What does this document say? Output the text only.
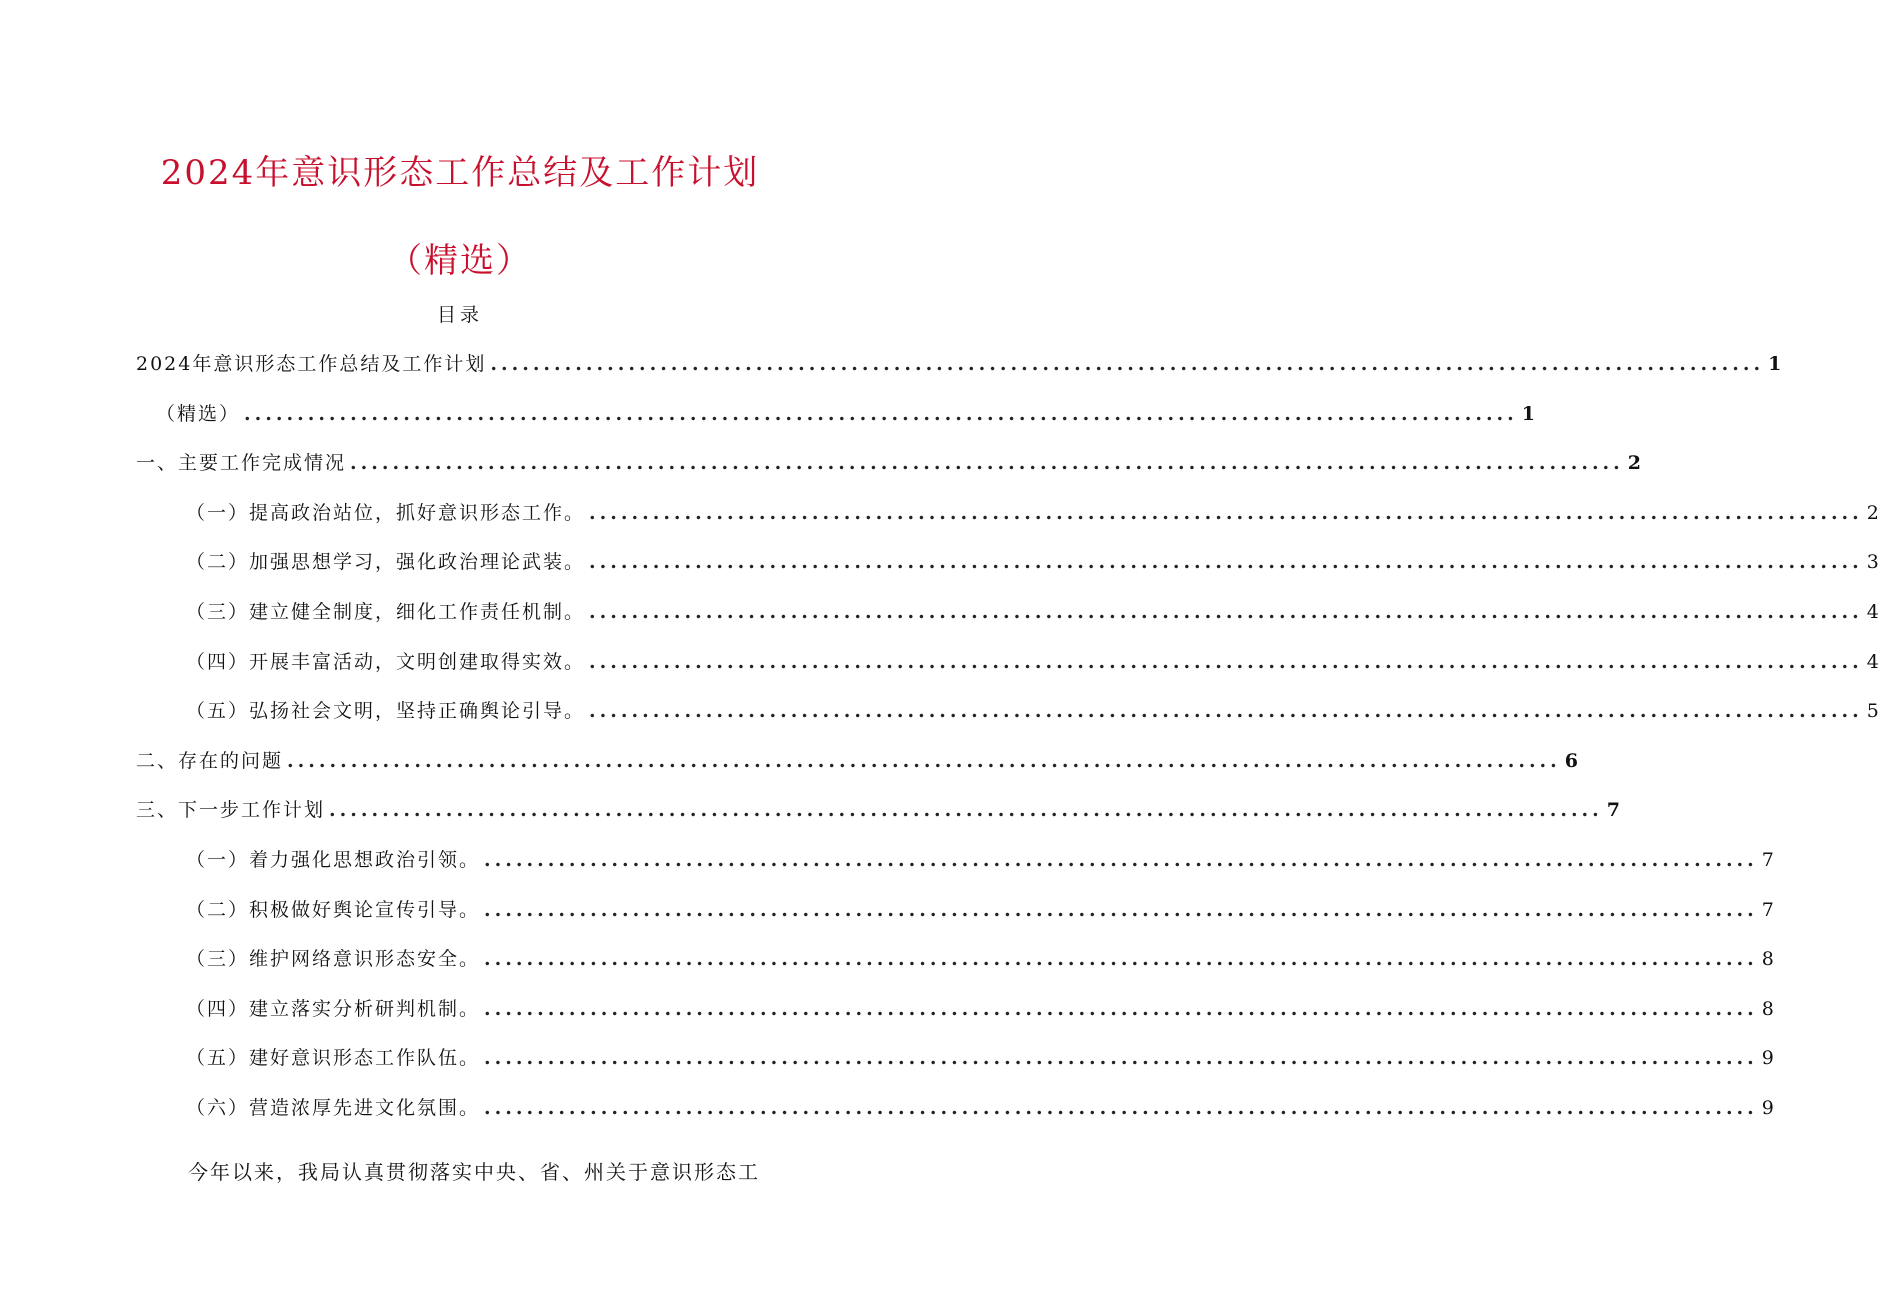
2024年意识形态工作总结及工作计划
（精选）
目录
2024年意识形态工作总结及工作计划 ........................................................................................................................ 1
（精选） ........................................................................................................................ 1
一、主要工作完成情况 ........................................................................................................................ 2
（一）提高政治站位，抓好意识形态工作。 ........................................................................................................................ 2
（二）加强思想学习，强化政治理论武装。 ........................................................................................................................ 3
（三）建立健全制度，细化工作责任机制。 ........................................................................................................................ 4
（四）开展丰富活动，文明创建取得实效。 ........................................................................................................................ 4
（五）弘扬社会文明，坚持正确舆论引导。 ........................................................................................................................ 5
二、存在的问题 ........................................................................................................................ 6
三、下一步工作计划 ........................................................................................................................ 7
（一）着力强化思想政治引领。 ........................................................................................................................ 7
（二）积极做好舆论宣传引导。 ........................................................................................................................ 7
（三）维护网络意识形态安全。 ........................................................................................................................ 8
（四）建立落实分析研判机制。 ........................................................................................................................ 8
（五）建好意识形态工作队伍。 ........................................................................................................................ 9
（六）营造浓厚先进文化氛围。 ........................................................................................................................ 9
今年以来，我局认真贯彻落实中央、省、州关于意识形态工
